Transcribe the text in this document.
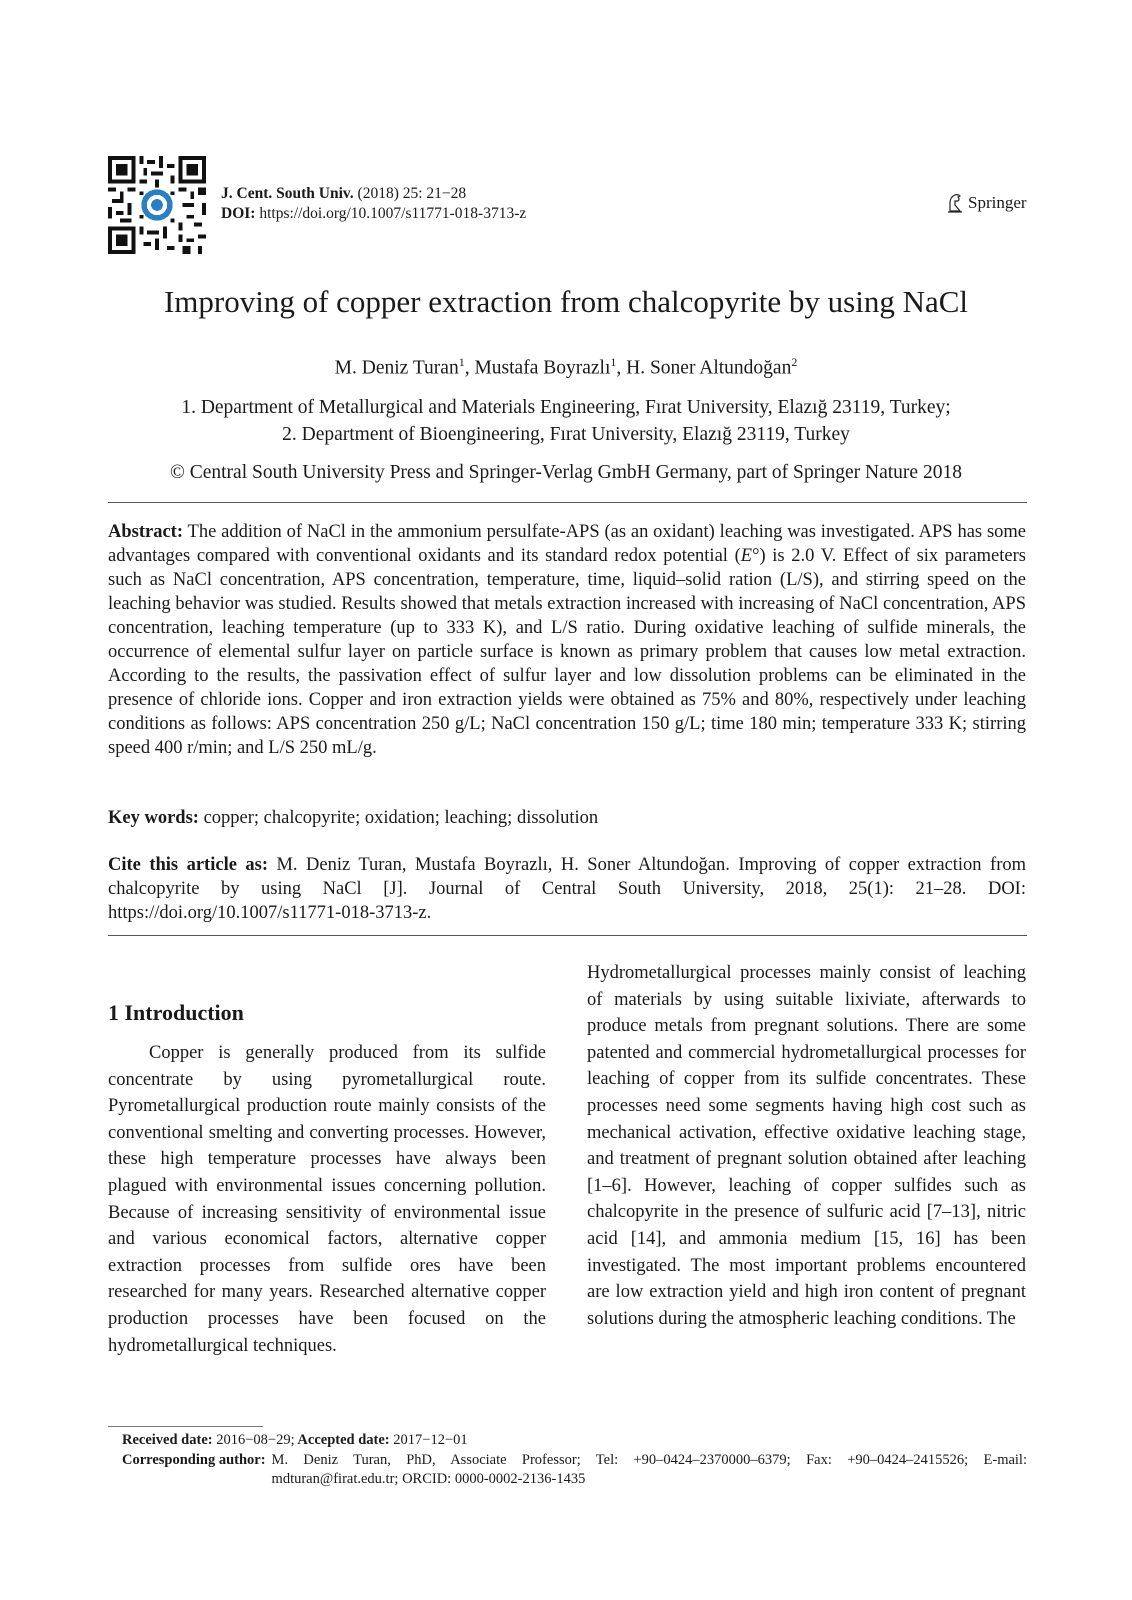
J. Cent. South Univ. (2018) 25: 21−28
DOI: https://doi.org/10.1007/s11771-018-3713-z
Springer
Improving of copper extraction from chalcopyrite by using NaCl
M. Deniz Turan$^1$, Mustafa Boyrazlı$^1$, H. Soner Altundoğan$^2$
1. Department of Metallurgical and Materials Engineering, Fırat University, Elazığ 23119, Turkey;
2. Department of Bioengineering, Fırat University, Elazığ 23119, Turkey
© Central South University Press and Springer-Verlag GmbH Germany, part of Springer Nature 2018
Abstract: The addition of NaCl in the ammonium persulfate-APS (as an oxidant) leaching was investigated. APS has some advantages compared with conventional oxidants and its standard redox potential (E°) is 2.0 V. Effect of six parameters such as NaCl concentration, APS concentration, temperature, time, liquid–solid ration (L/S), and stirring speed on the leaching behavior was studied. Results showed that metals extraction increased with increasing of NaCl concentration, APS concentration, leaching temperature (up to 333 K), and L/S ratio. During oxidative leaching of sulfide minerals, the occurrence of elemental sulfur layer on particle surface is known as primary problem that causes low metal extraction. According to the results, the passivation effect of sulfur layer and low dissolution problems can be eliminated in the presence of chloride ions. Copper and iron extraction yields were obtained as 75% and 80%, respectively under leaching conditions as follows: APS concentration 250 g/L; NaCl concentration 150 g/L; time 180 min; temperature 333 K; stirring speed 400 r/min; and L/S 250 mL/g.
Key words: copper; chalcopyrite; oxidation; leaching; dissolution
Cite this article as: M. Deniz Turan, Mustafa Boyrazlı, H. Soner Altundoğan. Improving of copper extraction from chalcopyrite by using NaCl [J]. Journal of Central South University, 2018, 25(1): 21–28. DOI: https://doi.org/10.1007/s11771-018-3713-z.
1 Introduction

Copper is generally produced from its sulfide concentrate by using pyrometallurgical route. Pyrometallurgical production route mainly consists of the conventional smelting and converting processes. However, these high temperature processes have always been plagued with environmental issues concerning pollution. Because of increasing sensitivity of environmental issue and various economical factors, alternative copper extraction processes from sulfide ores have been researched for many years. Researched alternative copper production processes have been focused on the hydrometallurgical techniques.

Hydrometallurgical processes mainly consist of leaching of materials by using suitable lixiviate, afterwards to produce metals from pregnant solutions. There are some patented and commercial hydrometallurgical processes for leaching of copper from its sulfide concentrates. These processes need some segments having high cost such as mechanical activation, effective oxidative leaching stage, and treatment of pregnant solution obtained after leaching [1–6]. However, leaching of copper sulfides such as chalcopyrite in the presence of sulfuric acid [7–13], nitric acid [14], and ammonia medium [15, 16] has been investigated. The most important problems encountered are low extraction yield and high iron content of pregnant solutions during the atmospheric leaching conditions. The

Received date: 2016−08−29; Accepted date: 2017−12−01
Corresponding author: M. Deniz Turan, PhD, Associate Professor; Tel: +90–0424–2370000–6379; Fax: +90–0424–2415526; E-mail: mdturan@firat.edu.tr; ORCID: 0000-0002-2136-1435
